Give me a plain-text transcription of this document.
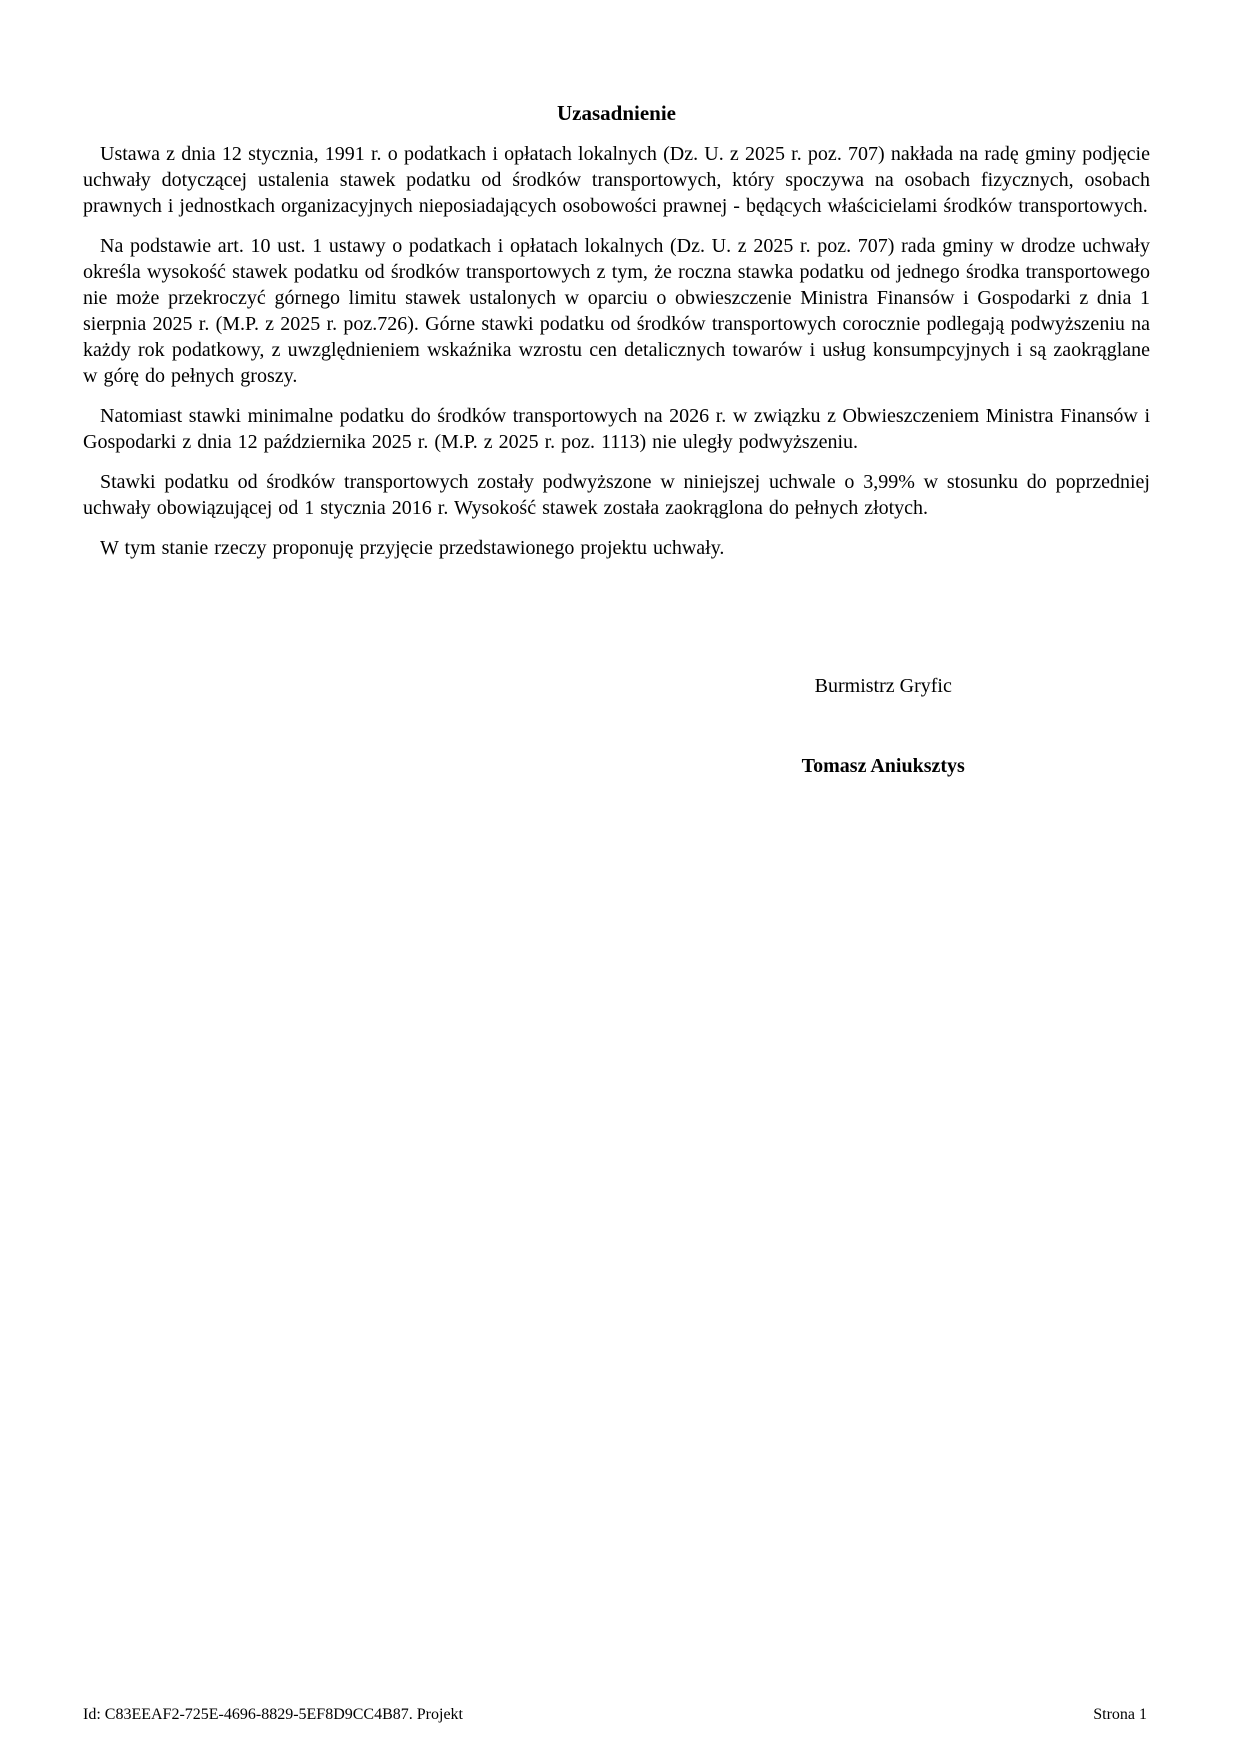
Uzasadnienie

Ustawa z dnia 12 stycznia, 1991 r. o podatkach i opłatach lokalnych (Dz. U. z 2025 r. poz. 707) nakłada na radę gminy podjęcie uchwały dotyczącej ustalenia stawek podatku od środków transportowych, który spoczywa na osobach fizycznych, osobach prawnych i jednostkach organizacyjnych nieposiadających osobowości prawnej - będących właścicielami środków transportowych.

Na podstawie art. 10 ust. 1 ustawy o podatkach i opłatach lokalnych (Dz. U. z 2025 r. poz. 707) rada gminy w drodze uchwały określa wysokość stawek podatku od środków transportowych z tym, że roczna stawka podatku od jednego środka transportowego nie może przekroczyć górnego limitu stawek ustalonych w oparciu o obwieszczenie Ministra Finansów i Gospodarki z dnia 1 sierpnia 2025 r. (M.P. z 2025 r. poz.726). Górne stawki podatku od środków transportowych corocznie podlegają podwyższeniu na każdy rok podatkowy, z uwzględnieniem wskaźnika wzrostu cen detalicznych towarów i usług konsumpcyjnych i są zaokrąglane w górę do pełnych groszy.

Natomiast stawki minimalne podatku do środków transportowych na 2026 r. w związku z Obwieszczeniem Ministra Finansów i Gospodarki z dnia 12 października 2025 r. (M.P. z 2025 r. poz. 1113) nie uległy podwyższeniu.

Stawki podatku od środków transportowych zostały podwyższone w niniejszej uchwale o 3,99% w stosunku do poprzedniej uchwały obowiązującej od 1 stycznia 2016 r. Wysokość stawek została zaokrąglona do pełnych złotych.

W tym stanie rzeczy proponuję przyjęcie przedstawionego projektu uchwały.

Burmistrz Gryfic
Tomasz Aniuksztys
Id: C83EEAF2-725E-4696-8829-5EF8D9CC4B87. Projekt	Strona 1
